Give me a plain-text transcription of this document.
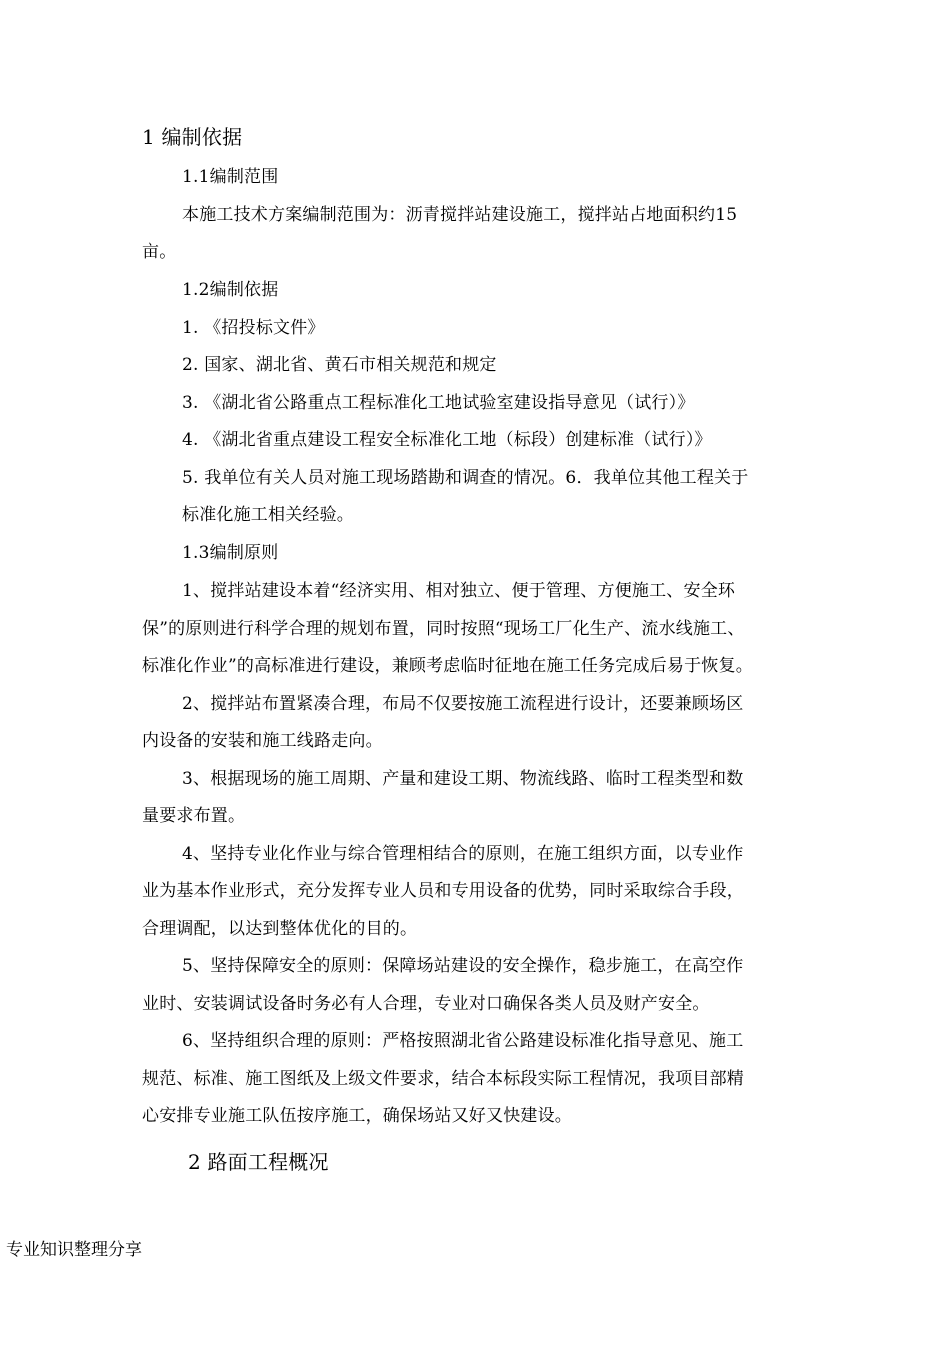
1 编制依据
1.1编制范围
本施工技术方案编制范围为：沥青搅拌站建设施工，搅拌站占地面积约15
亩。
1.2编制依据
1. 《招投标文件》
2. 国家、湖北省、黄石市相关规范和规定
3. 《湖北省公路重点工程标准化工地试验室建设指导意见（试行）》
4. 《湖北省重点建设工程安全标准化工地（标段）创建标准（试行）》
5. 我单位有关人员对施工现场踏勘和调查的情况。6．我单位其他工程关于
标准化施工相关经验。
1.3编制原则
1、搅拌站建设本着“经济实用、相对独立、便于管理、方便施工、安全环
保”的原则进行科学合理的规划布置，同时按照“现场工厂化生产、流水线施工、
标准化作业”的高标准进行建设，兼顾考虑临时征地在施工任务完成后易于恢复。
2、搅拌站布置紧凑合理，布局不仅要按施工流程进行设计，还要兼顾场区
内设备的安装和施工线路走向。
3、根据现场的施工周期、产量和建设工期、物流线路、临时工程类型和数
量要求布置。
4、坚持专业化作业与综合管理相结合的原则，在施工组织方面，以专业作
业为基本作业形式，充分发挥专业人员和专用设备的优势，同时采取综合手段，
合理调配，以达到整体优化的目的。
5、坚持保障安全的原则：保障场站建设的安全操作，稳步施工，在高空作
业时、安装调试设备时务必有人合理，专业对口确保各类人员及财产安全。
6、坚持组织合理的原则：严格按照湖北省公路建设标准化指导意见、施工
规范、标准、施工图纸及上级文件要求，结合本标段实际工程情况，我项目部精
心安排专业施工队伍按序施工，确保场站又好又快建设。
2 路面工程概况
专业知识整理分享
